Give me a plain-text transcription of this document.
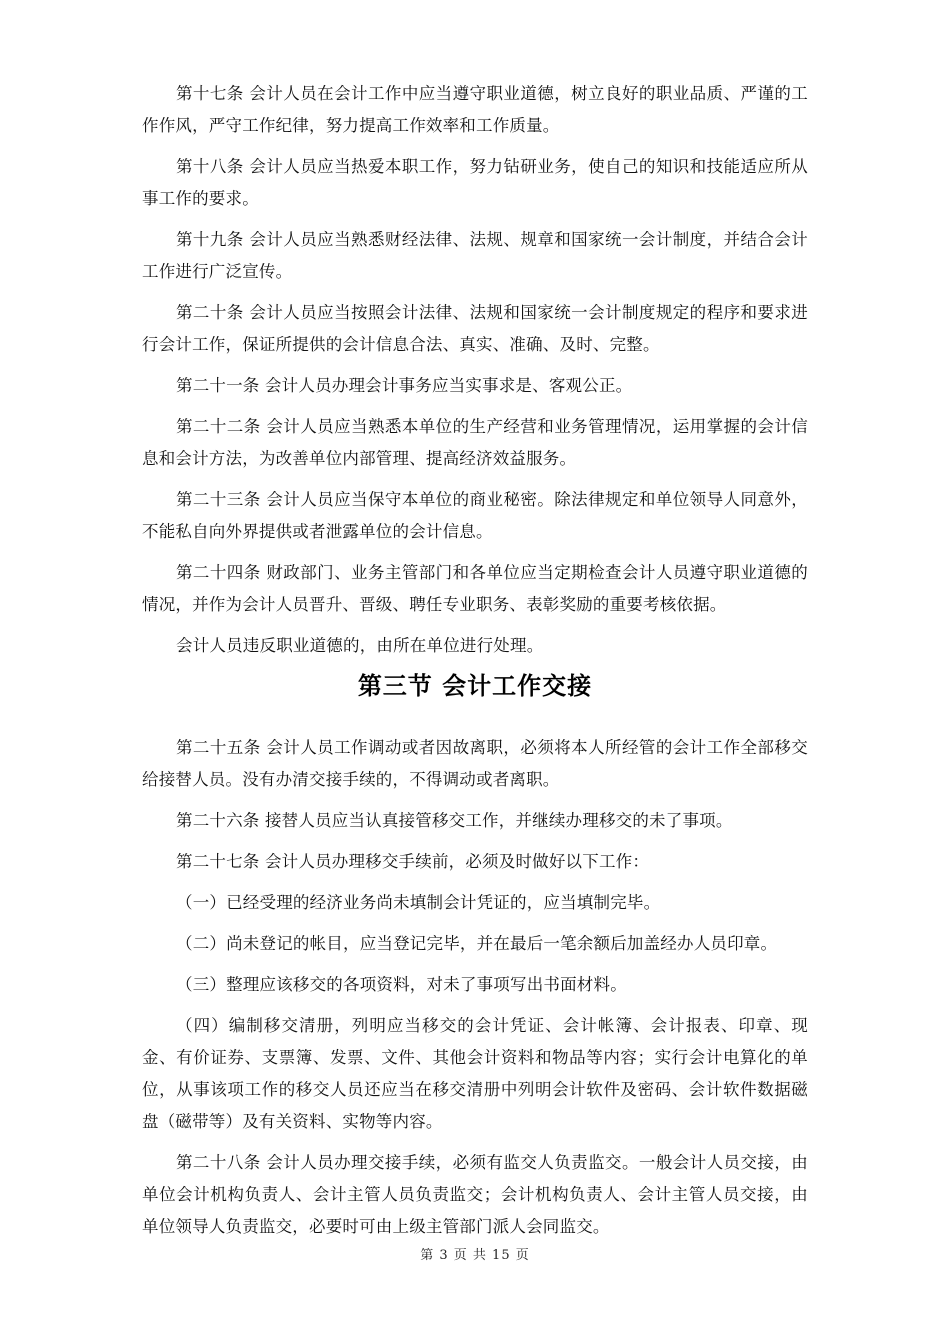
第十七条 会计人员在会计工作中应当遵守职业道德，树立良好的职业品质、严谨的工作作风，严守工作纪律，努力提高工作效率和工作质量。

第十八条 会计人员应当热爱本职工作，努力钻研业务，使自己的知识和技能适应所从事工作的要求。

第十九条 会计人员应当熟悉财经法律、法规、规章和国家统一会计制度，并结合会计工作进行广泛宣传。

第二十条 会计人员应当按照会计法律、法规和国家统一会计制度规定的程序和要求进行会计工作，保证所提供的会计信息合法、真实、准确、及时、完整。

第二十一条 会计人员办理会计事务应当实事求是、客观公正。

第二十二条 会计人员应当熟悉本单位的生产经营和业务管理情况，运用掌握的会计信息和会计方法，为改善单位内部管理、提高经济效益服务。

第二十三条 会计人员应当保守本单位的商业秘密。除法律规定和单位领导人同意外，不能私自向外界提供或者泄露单位的会计信息。

第二十四条 财政部门、业务主管部门和各单位应当定期检查会计人员遵守职业道德的情况，并作为会计人员晋升、晋级、聘任专业职务、表彰奖励的重要考核依据。

会计人员违反职业道德的，由所在单位进行处理。

第三节 会计工作交接

第二十五条 会计人员工作调动或者因故离职，必须将本人所经管的会计工作全部移交给接替人员。没有办清交接手续的，不得调动或者离职。

第二十六条 接替人员应当认真接管移交工作，并继续办理移交的未了事项。

第二十七条 会计人员办理移交手续前，必须及时做好以下工作：

（一）已经受理的经济业务尚未填制会计凭证的，应当填制完毕。

（二）尚未登记的帐目，应当登记完毕，并在最后一笔余额后加盖经办人员印章。

（三）整理应该移交的各项资料，对未了事项写出书面材料。

（四）编制移交清册，列明应当移交的会计凭证、会计帐簿、会计报表、印章、现金、有价证券、支票簿、发票、文件、其他会计资料和物品等内容；实行会计电算化的单位，从事该项工作的移交人员还应当在移交清册中列明会计软件及密码、会计软件数据磁盘（磁带等）及有关资料、实物等内容。

第二十八条 会计人员办理交接手续，必须有监交人负责监交。一般会计人员交接，由单位会计机构负责人、会计主管人员负责监交；会计机构负责人、会计主管人员交接，由单位领导人负责监交，必要时可由上级主管部门派人会同监交。

第 3 页 共 15 页
